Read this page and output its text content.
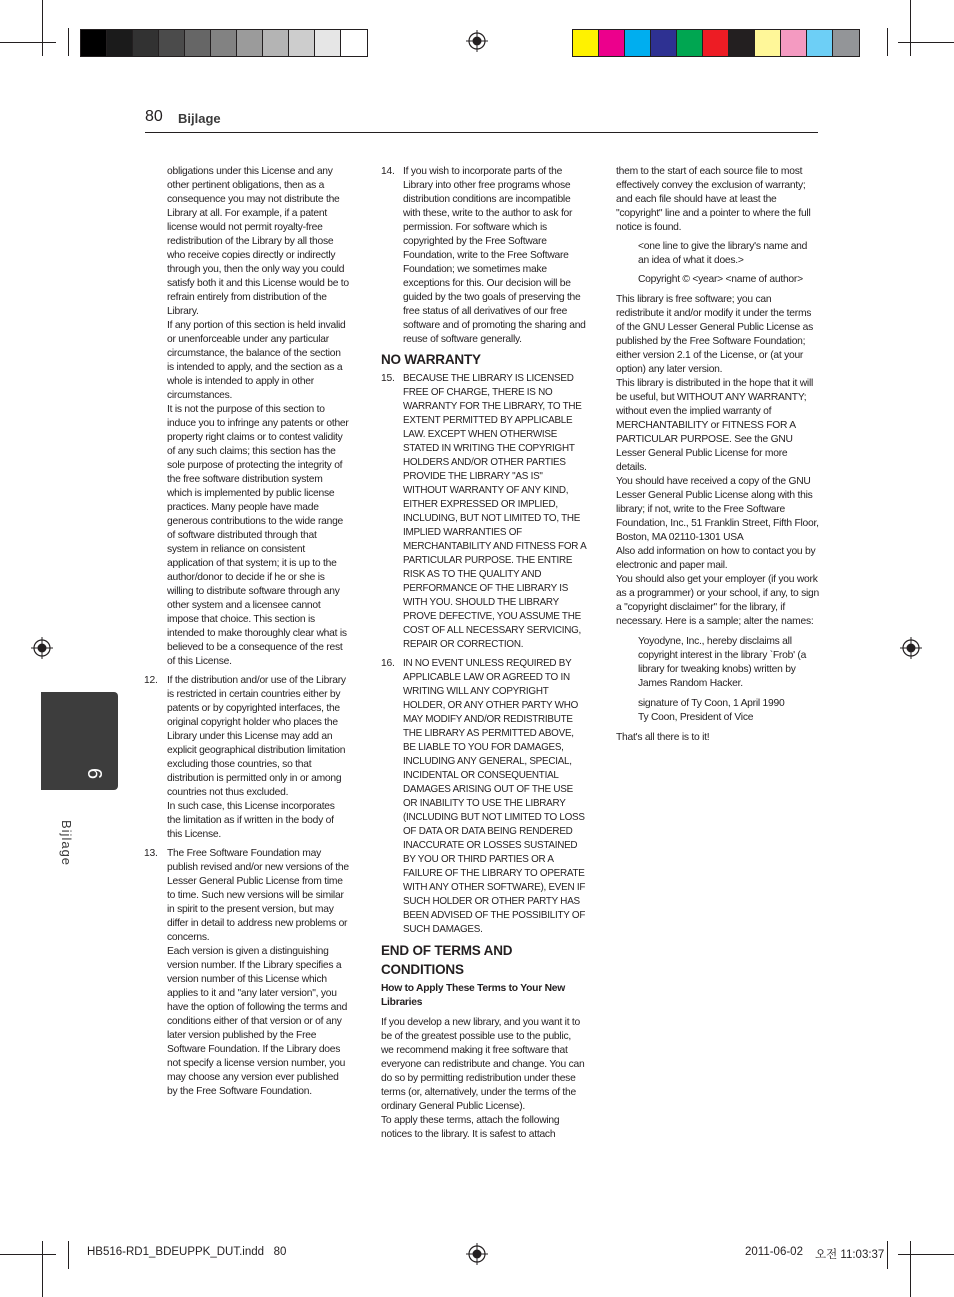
80 Bijlage
6
Bijlage

obligations under this License and any other pertinent obligations, then as a consequence you may not distribute the Library at all. For example, if a patent license would not permit royalty-free redistribution of the Library by all those who receive copies directly or indirectly through you, then the only way you could satisfy both it and this License would be to refrain entirely from distribution of the Library.

If any portion of this section is held invalid or unenforceable under any particular circumstance, the balance of the section is intended to apply, and the section as a whole is intended to apply in other circumstances.

It is not the purpose of this section to induce you to infringe any patents or other property right claims or to contest validity of any such claims; this section has the sole purpose of protecting the integrity of the free software distribution system which is implemented by public license practices. Many people have made generous contributions to the wide range of software distributed through that system in reliance on consistent application of that system; it is up to the author/donor to decide if he or she is willing to distribute software through any other system and a licensee cannot impose that choice. This section is intended to make thoroughly clear what is believed to be a consequence of the rest of this License.

12. If the distribution and/or use of the Library is restricted in certain countries either by patents or by copyrighted interfaces, the original copyright holder who places the Library under this License may add an explicit geographical distribution limitation excluding those countries, so that distribution is permitted only in or among countries not thus excluded.

In such case, this License incorporates the limitation as if written in the body of this License.

13. The Free Software Foundation may publish revised and/or new versions of the Lesser General Public License from time to time. Such new versions will be similar in spirit to the present version, but may differ in detail to address new problems or concerns.

Each version is given a distinguishing version number. If the Library specifies a version number of this License which applies to it and "any later version", you have the option of following the terms and conditions either of that version or of any later version published by the Free Software Foundation. If the Library does not specify a license version number, you may choose any version ever published by the Free Software Foundation.

14. If you wish to incorporate parts of the Library into other free programs whose distribution conditions are incompatible with these, write to the author to ask for permission. For software which is copyrighted by the Free Software Foundation, write to the Free Software Foundation; we sometimes make exceptions for this. Our decision will be guided by the two goals of preserving the free status of all derivatives of our free software and of promoting the sharing and reuse of software generally.

NO WARRANTY
15. BECAUSE THE LIBRARY IS LICENSED FREE OF CHARGE, THERE IS NO WARRANTY FOR THE LIBRARY, TO THE EXTENT PERMITTED BY APPLICABLE LAW. EXCEPT WHEN OTHERWISE STATED IN WRITING THE COPYRIGHT HOLDERS AND/OR OTHER PARTIES PROVIDE THE LIBRARY "AS IS" WITHOUT WARRANTY OF ANY KIND, EITHER EXPRESSED OR IMPLIED, INCLUDING, BUT NOT LIMITED TO, THE IMPLIED WARRANTIES OF MERCHANTABILITY AND FITNESS FOR A PARTICULAR PURPOSE. THE ENTIRE RISK AS TO THE QUALITY AND PERFORMANCE OF THE LIBRARY IS WITH YOU. SHOULD THE LIBRARY PROVE DEFECTIVE, YOU ASSUME THE COST OF ALL NECESSARY SERVICING, REPAIR OR CORRECTION.

16. IN NO EVENT UNLESS REQUIRED BY APPLICABLE LAW OR AGREED TO IN WRITING WILL ANY COPYRIGHT HOLDER, OR ANY OTHER PARTY WHO MAY MODIFY AND/OR REDISTRIBUTE THE LIBRARY AS PERMITTED ABOVE, BE LIABLE TO YOU FOR DAMAGES, INCLUDING ANY GENERAL, SPECIAL, INCIDENTAL OR CONSEQUENTIAL DAMAGES ARISING OUT OF THE USE OR INABILITY TO USE THE LIBRARY (INCLUDING BUT NOT LIMITED TO LOSS OF DATA OR DATA BEING RENDERED INACCURATE OR LOSSES SUSTAINED BY YOU OR THIRD PARTIES OR A FAILURE OF THE LIBRARY TO OPERATE WITH ANY OTHER SOFTWARE), EVEN IF SUCH HOLDER OR OTHER PARTY HAS BEEN ADVISED OF THE POSSIBILITY OF SUCH DAMAGES.

END OF TERMS AND CONDITIONS
How to Apply These Terms to Your New Libraries

If you develop a new library, and you want it to be of the greatest possible use to the public, we recommend making it free software that everyone can redistribute and change. You can do so by permitting redistribution under these terms (or, alternatively, under the terms of the ordinary General Public License).

To apply these terms, attach the following notices to the library. It is safest to attach

them to the start of each source file to most effectively convey the exclusion of warranty; and each file should have at least the "copyright" line and a pointer to where the full notice is found.

<one line to give the library's name and an idea of what it does.>

Copyright © <year> <name of author>

This library is free software; you can redistribute it and/or modify it under the terms of the GNU Lesser General Public License as published by the Free Software Foundation; either version 2.1 of the License, or (at your option) any later version.

This library is distributed in the hope that it will be useful, but WITHOUT ANY WARRANTY; without even the implied warranty of MERCHANTABILITY or FITNESS FOR A PARTICULAR PURPOSE. See the GNU Lesser General Public License for more details.

You should have received a copy of the GNU Lesser General Public License along with this library; if not, write to the Free Software Foundation, Inc., 51 Franklin Street, Fifth Floor, Boston, MA 02110-1301 USA

Also add information on how to contact you by electronic and paper mail.

You should also get your employer (if you work as a programmer) or your school, if any, to sign a "copyright disclaimer" for the library, if necessary. Here is a sample; alter the names:

Yoyodyne, Inc., hereby disclaims all copyright interest in the library `Frob' (a library for tweaking knobs) written by James Random Hacker.

signature of Ty Coon, 1 April 1990

Ty Coon, President of Vice

That's all there is to it!

HB516-RD1_BDEUPPK_DUT.indd   80	2011-06-02 오전 11:03:37
